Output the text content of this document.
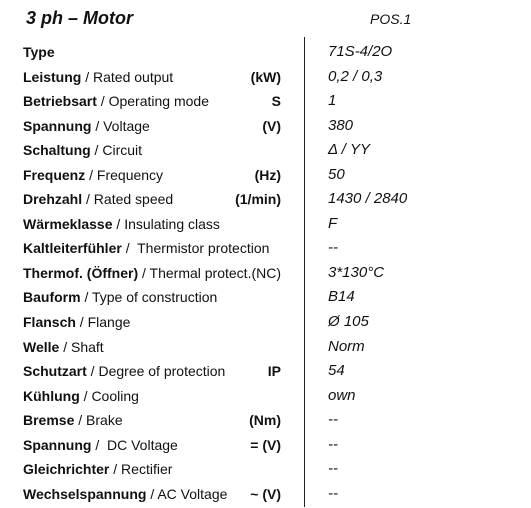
3 ph – Motor	POS.1
Type	71S-4/2O
Leistung / Rated output	(kW)	0,2 / 0,3
Betriebsart / Operating mode	S	1
Spannung / Voltage	(V)	380
Schaltung / Circuit	Δ / YY
Frequenz / Frequency	(Hz)	50
Drehzahl / Rated speed	(1/min)	1430 / 2840
Wärmeklasse / Insulating class	F
Kaltleiterfühler /  Thermistor protection	--
Thermof. (Öffner) / Thermal protect.(NC)	3*130°C
Bauform / Type of construction	B14
Flansch / Flange	Ø 105
Welle / Shaft	Norm
Schutzart / Degree of protection	IP	54
Kühlung / Cooling	own
Bremse / Brake	(Nm)	--
Spannung /  DC Voltage	= (V)	--
Gleichrichter / Rectifier	--
Wechselspannung / AC Voltage ~ (V)	--
